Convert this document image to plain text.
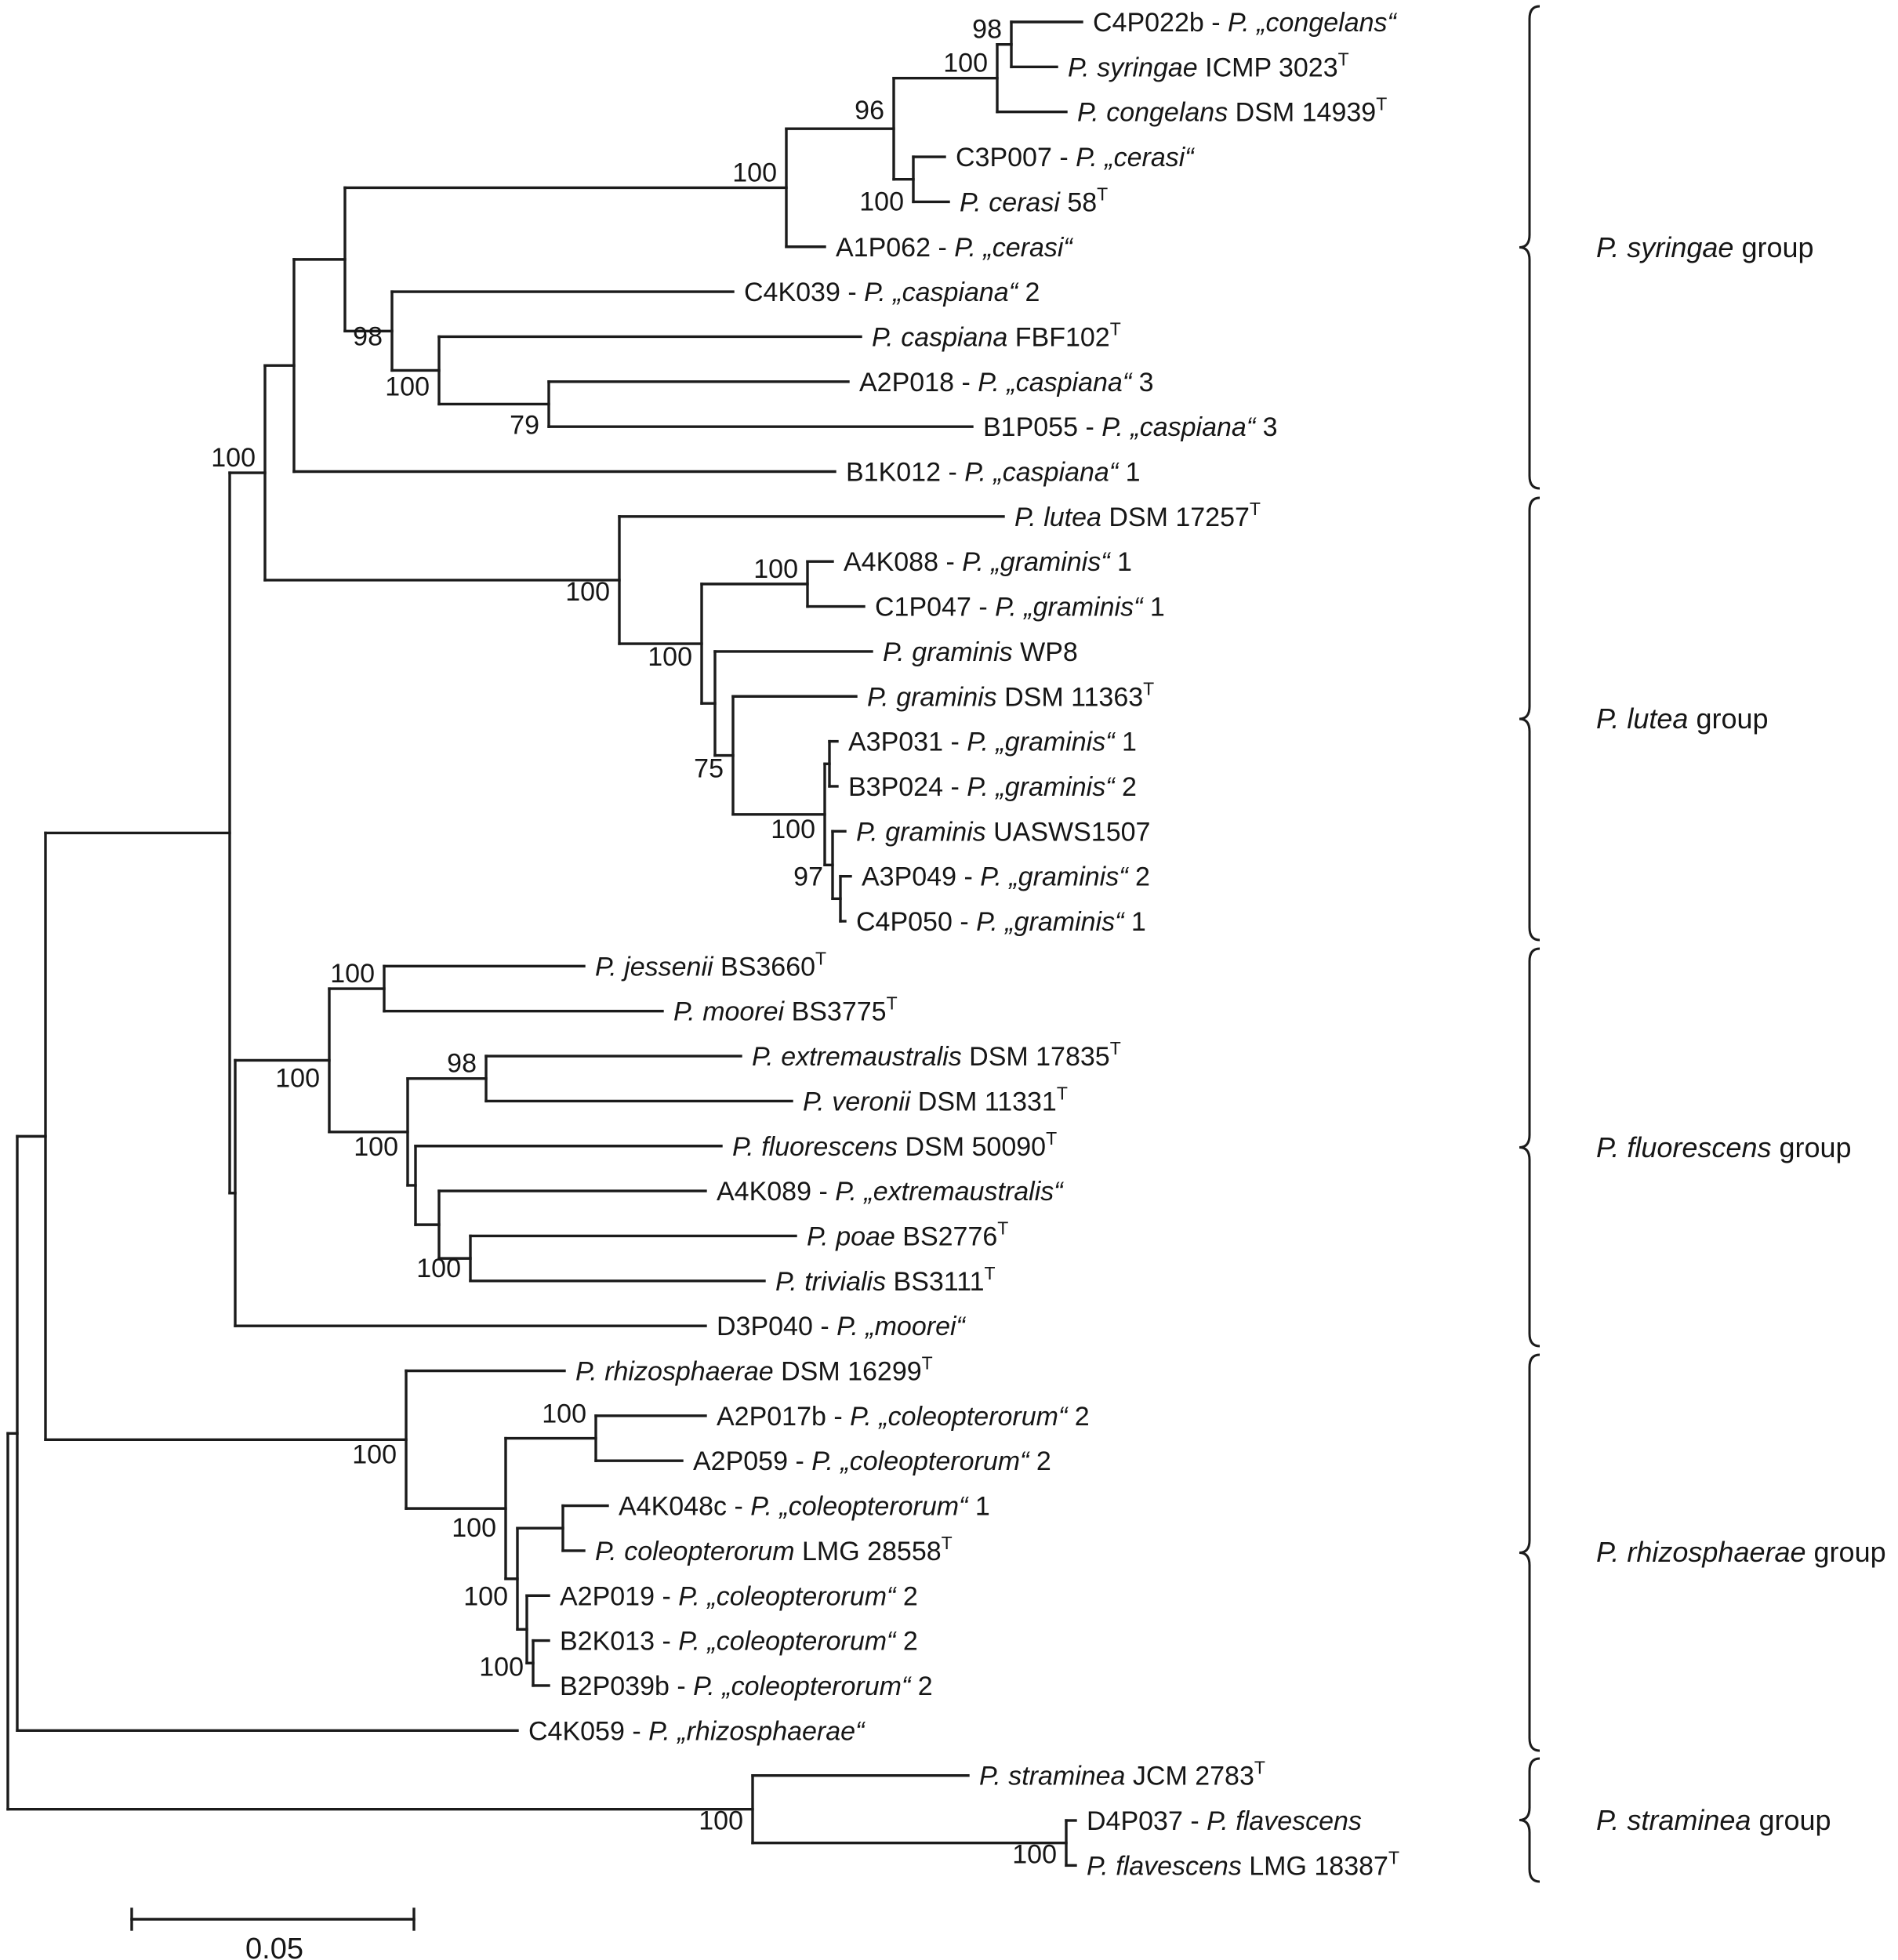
98
100
100
96
100
79
100
98
100
97
100
75
100
100
100
100
98
100
100
100
100
100
100
100
100
100
100
C4P022b - P. „congelans“
P. syringae ICMP $3023^T$
P. congelans DSM $14939^T$
C3P007 - P. „cerasi“
P. cerasi $58^T$
A1P062 - P. „cerasi“
C4K039 - P. „caspiana“ 2
P. caspiana $FBF102^T$
A2P018 - P. „caspiana“ 3
B1P055 - P. „caspiana“ 3
B1K012 - P. „caspiana“ 1
P. lutea DSM $17257^T$
A4K088 - P. „graminis“ 1
C1P047 - P. „graminis“ 1
P. graminis WP8
P. graminis DSM $11363^T$
A3P031 - P. „graminis“ 1
B3P024 - P. „graminis“ 2
P. graminis UASWS1507
A3P049 - P. „graminis“ 2
C4P050 - P. „graminis“ 1
P. jessenii $BS3660^T$
P. moorei $BS3775^T$
P. extremaustralis DSM $17835^T$
P. veronii DSM $11331^T$
P. fluorescens DSM $50090^T$
A4K089 - P. „extremaustralis“
P. poae $BS2776^T$
P. trivialis $BS3111^T$
D3P040 - P. „moorei“
P. rhizosphaerae DSM $16299^T$
A2P017b - P. „coleopterorum“ 2
A2P059 - P. „coleopterorum“ 2
A4K048c - P. „coleopterorum“ 1
P. coleopterorum LMG $28558^T$
A2P019 - P. „coleopterorum“ 2
B2K013 - P. „coleopterorum“ 2
B2P039b - P. „coleopterorum“ 2
C4K059 - P. „rhizosphaerae“
P. straminea JCM $2783^T$
D4P037 - P. flavescens
P. flavescens LMG $18387^T$
P. syringae group
P. lutea group
P. fluorescens group
P. rhizosphaerae group
P. straminea group
0.05
